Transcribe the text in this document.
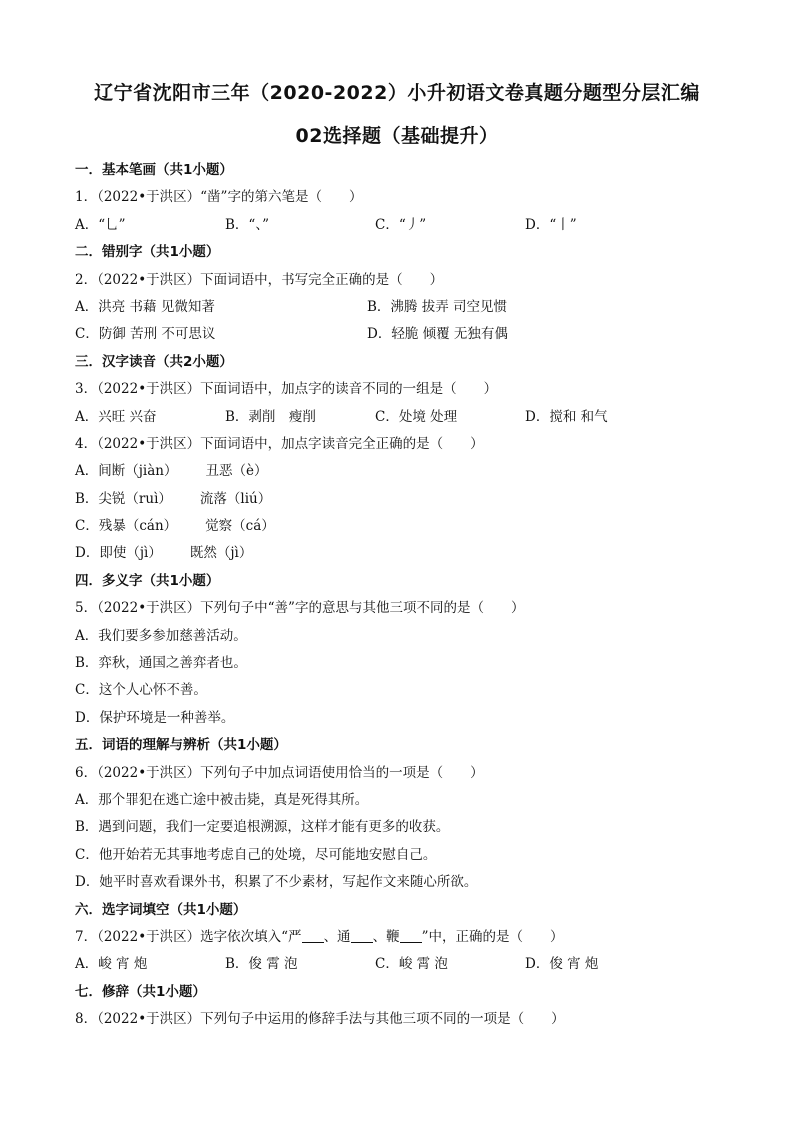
辽宁省沈阳市三年（2020-2022）小升初语文卷真题分题型分层汇编
02选择题（基础提升）
一．基本笔画（共1小题）
1．（2022•于洪区）“凿”字的第六笔是（　　）
A．“乚”	B．“、”	C．“丿”	D．“丨”
二．错别字（共1小题）
2．（2022•于洪区）下面词语中，书写完全正确的是（　　）
A．洪亮 书藉 见微知著	B．沸腾 拔弄 司空见惯
C．防御 苦刑 不可思议	D．轻脆 倾覆 无独有偶
三．汉字读音（共2小题）
3．（2022•于洪区）下面词语中，加点字的读音不同的一组是（　　）
A．兴旺 兴奋	B．剥削　瘦削	C．处境 处理	D．搅和 和气
4．（2022•于洪区）下面词语中，加点字读音完全正确的是（　　）
A．间断（jiàn） 丑恶（è）
B．尖锐（ruì） 流落（liú）
C．残暴（cán） 觉察（cá）
D．即使（jì） 既然（jì）
四．多义字（共1小题）
5．（2022•于洪区）下列句子中“善”字的意思与其他三项不同的是（　　）
A．我们要多参加慈善活动。
B．弈秋，通国之善弈者也。
C．这个人心怀不善。
D．保护环境是一种善举。
五．词语的理解与辨析（共1小题）
6．（2022•于洪区）下列句子中加点词语使用恰当的一项是（　　）
A．那个罪犯在逃亡途中被击毙，真是死得其所。
B．遇到问题，我们一定要追根溯源，这样才能有更多的收获。
C．他开始若无其事地考虑自己的处境，尽可能地安慰自己。
D．她平时喜欢看课外书，积累了不少素材，写起作文来随心所欲。
六．选字词填空（共1小题）
7．（2022•于洪区）选字依次填入“严 、通 、鞭 ”中，正确的是（　　）
A．峻 宵 炮	B．俊 霄 泡	C．峻 霄 泡	D．俊 宵 炮
七．修辞（共1小题）
8．（2022•于洪区）下列句子中运用的修辞手法与其他三项不同的一项是（　　）
